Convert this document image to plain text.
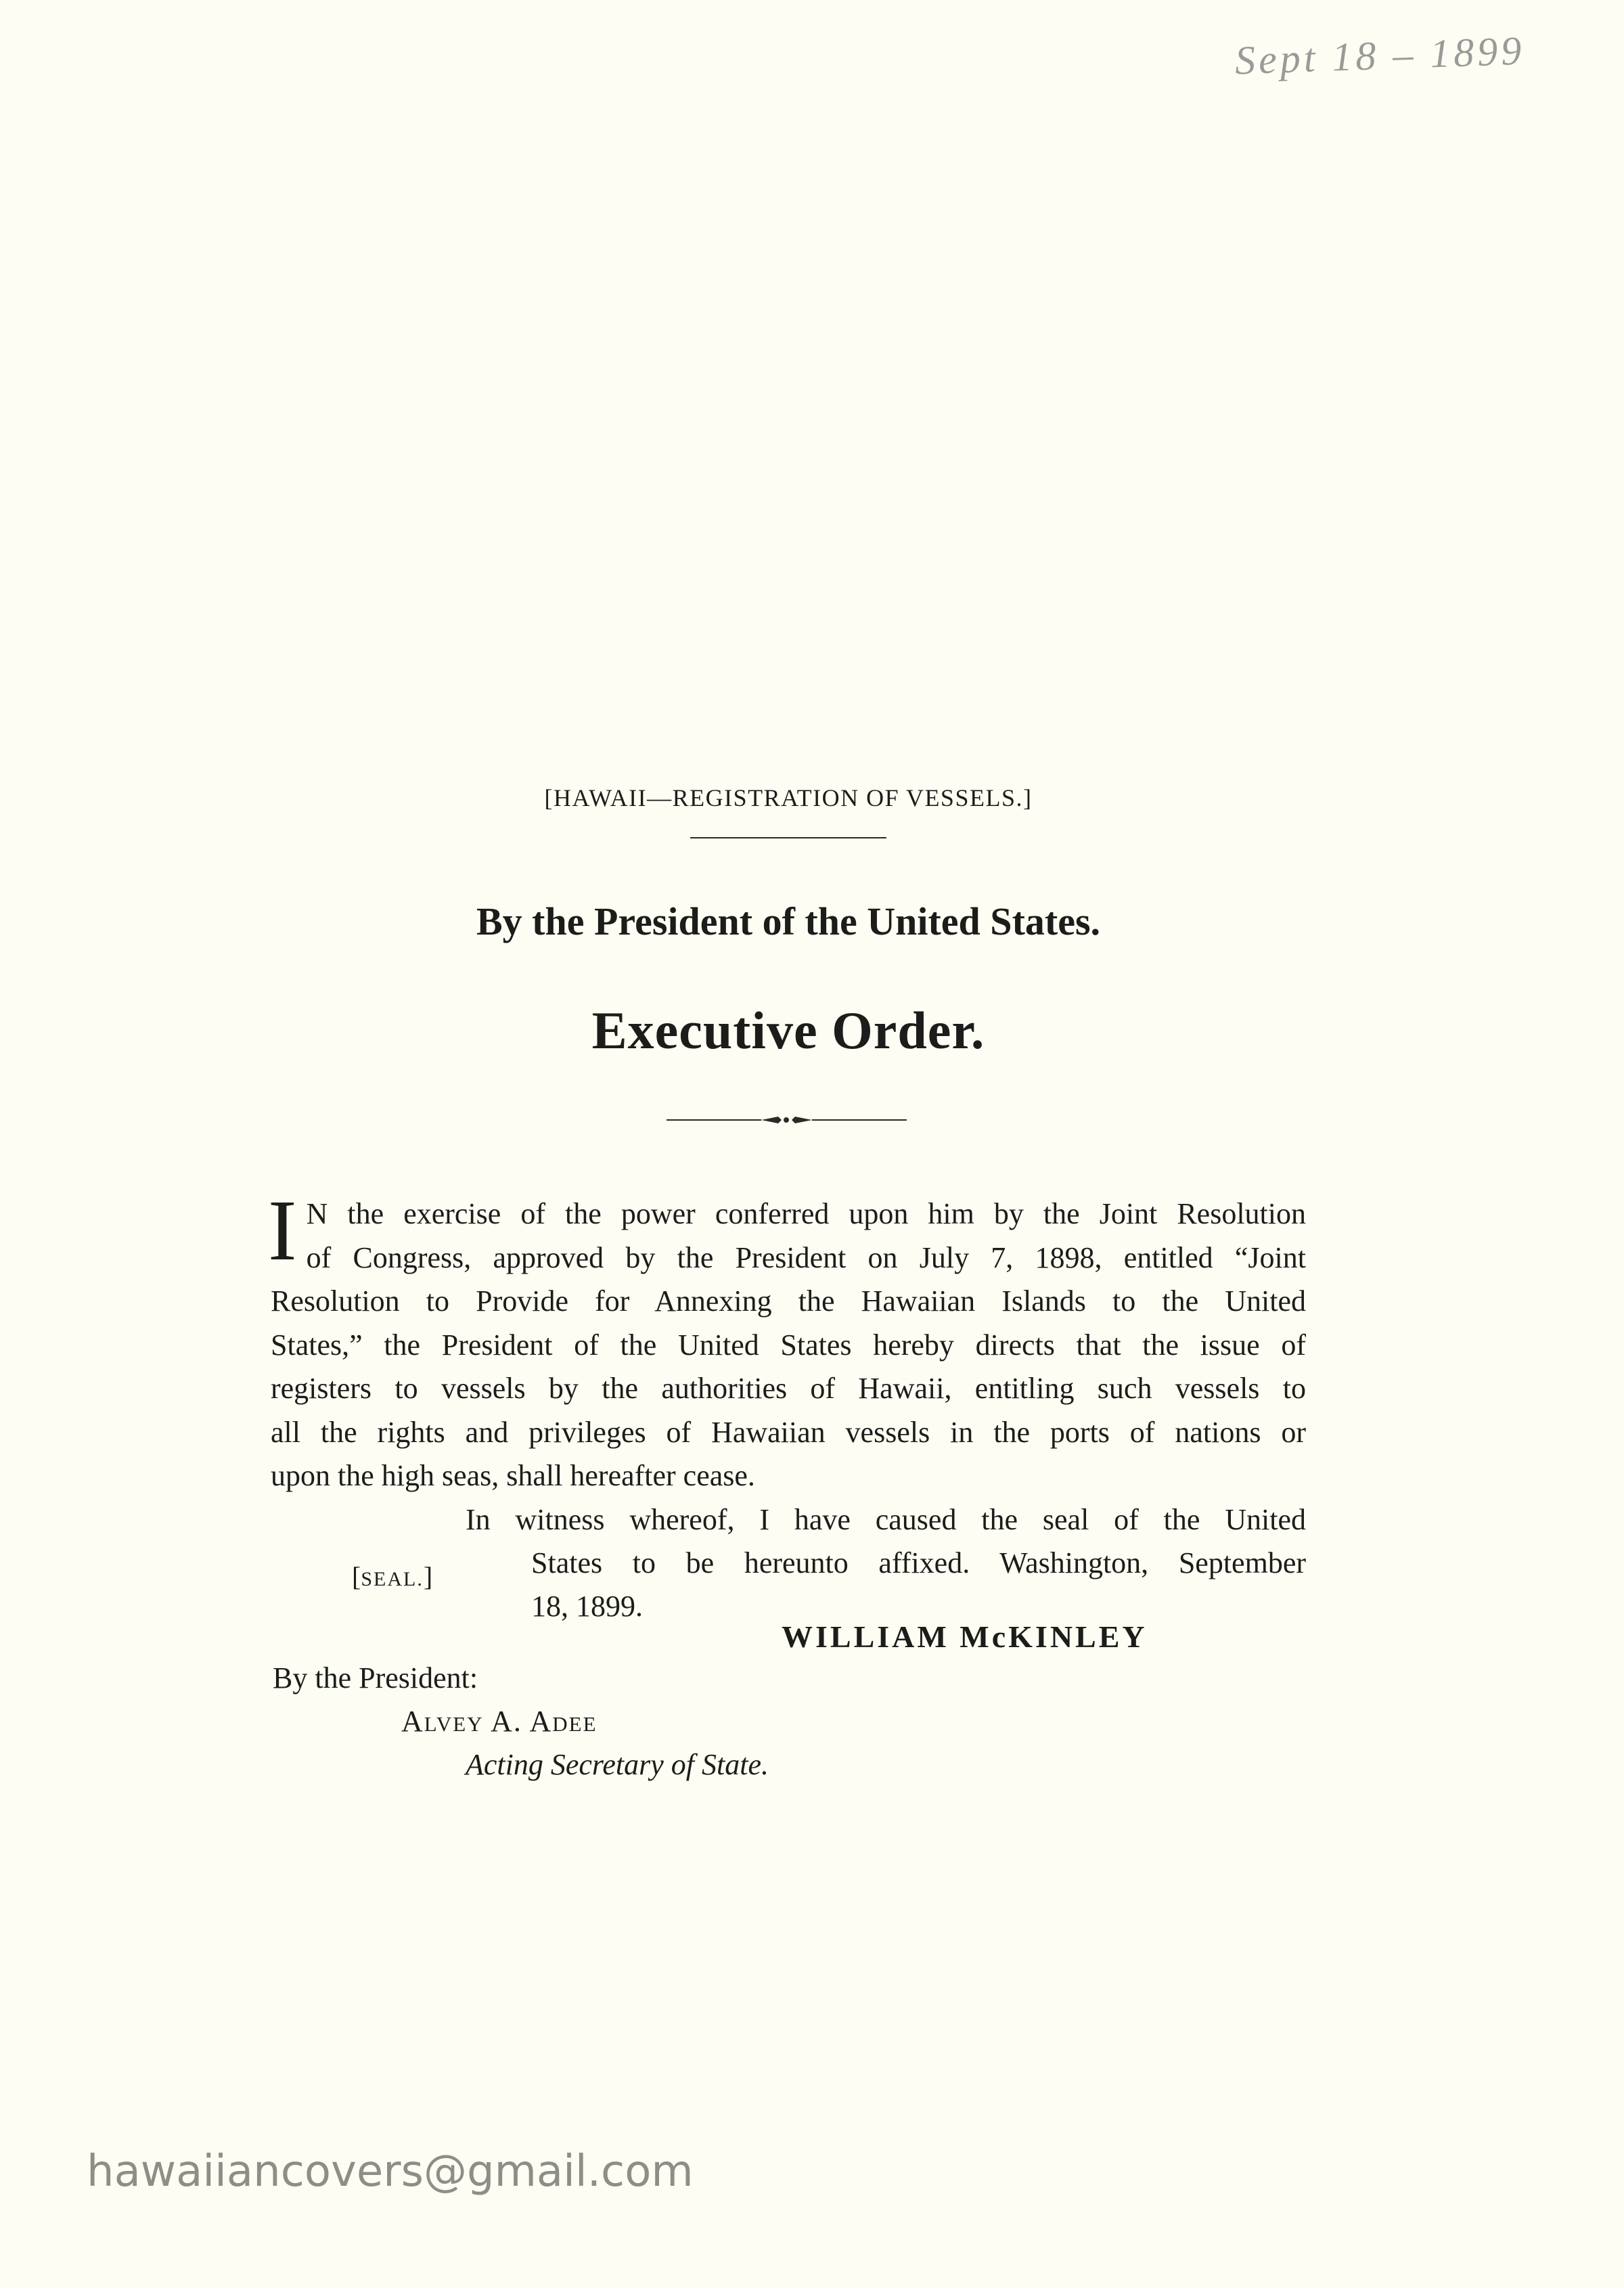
Sept 18 – 1899
[HAWAII—REGISTRATION OF VESSELS.]
By the President of the United States.
Executive Order.
I N the exercise of the power conferred upon him by the Joint Resolution
of Congress, approved by the President on July 7, 1898, entitled “Joint
Resolution to Provide for Annexing the Hawaiian Islands to the United
States,” the President of the United States hereby directs that the issue of
registers to vessels by the authorities of Hawaii, entitling such vessels to
all the rights and privileges of Hawaiian vessels in the ports of nations or
upon the high seas, shall hereafter cease.
In witness whereof, I have caused the seal of the United
States to be hereunto affixed. Washington, September
18, 1899.
[SEAL.]
WILLIAM McKINLEY
By the President:
Alvey A. Adee
Acting Secretary of State.
hawaiiancovers@gmail.com
